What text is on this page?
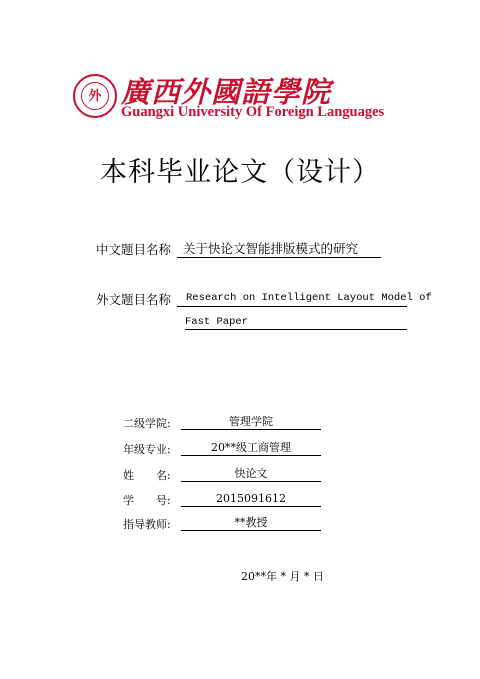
外 廣西外國語學院
Guangxi University Of Foreign Languages
本科毕业论文（设计）
中文题目名称 关于快论文智能排版模式的研究
外文题目名称	Research on Intelligent Layout Model of
Fast Paper
二级学院:	管理学院
年级专业:	20**级工商管理
姓　　名:	快论文
学　　号:	2015091612
指导教师:	**教授
20**年 * 月 * 日
